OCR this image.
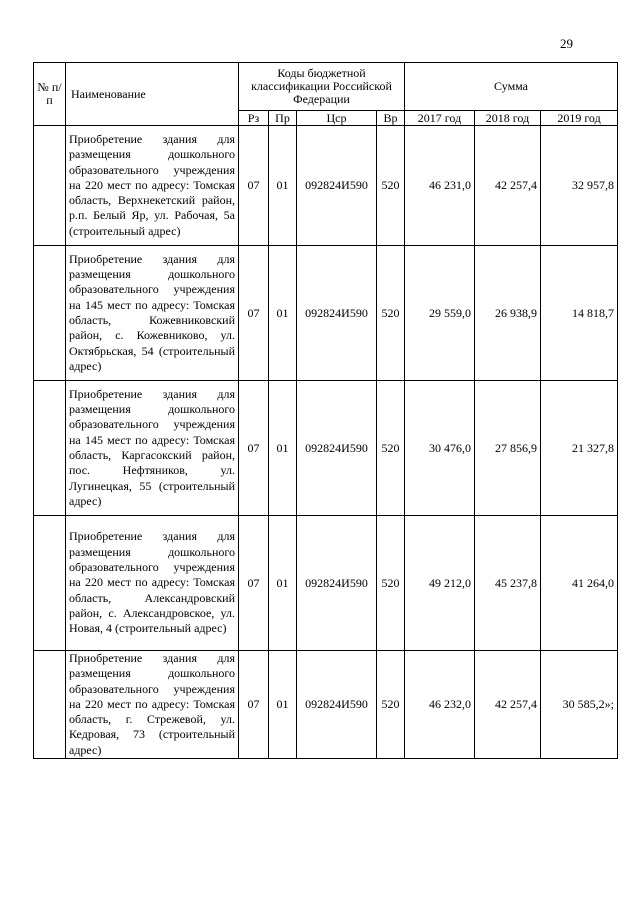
29
№ п/п	Наименование	Коды бюджетной классификации Российской Федерации				Сумма		
		Рз	Пр	Цср	Вр	2017 год	2018 год	2019 год
	Приобретение здания для размещения дошкольного образовательного учреждения на 220 мест по адресу: Томская область, Верхнекетский район, р.п. Белый Яр, ул. Рабочая, 5а (строительный адрес)	07	01	092824И590	520	46 231,0	42 257,4	32 957,8
	Приобретение здания для размещения дошкольного образовательного учреждения на 145 мест по адресу: Томская область, Кожевниковский район, с. Кожевниково, ул. Октябрьская, 54 (строительный адрес)	07	01	092824И590	520	29 559,0	26 938,9	14 818,7
	Приобретение здания для размещения дошкольного образовательного учреждения на 145 мест по адресу: Томская область, Каргасокский район, пос. Нефтяников, ул. Лугинецкая, 55 (строительный адрес)	07	01	092824И590	520	30 476,0	27 856,9	21 327,8
	Приобретение здания для размещения дошкольного образовательного учреждения на 220 мест по адресу: Томская область, Александровский район, с. Александровское, ул. Новая, 4 (строительный адрес)	07	01	092824И590	520	49 212,0	45 237,8	41 264,0
	Приобретение здания для размещения дошкольного образовательного учреждения на 220 мест по адресу: Томская область, г. Стрежевой, ул. Кедровая, 73 (строительный адрес)	07	01	092824И590	520	46 232,0	42 257,4	30 585,2»;
